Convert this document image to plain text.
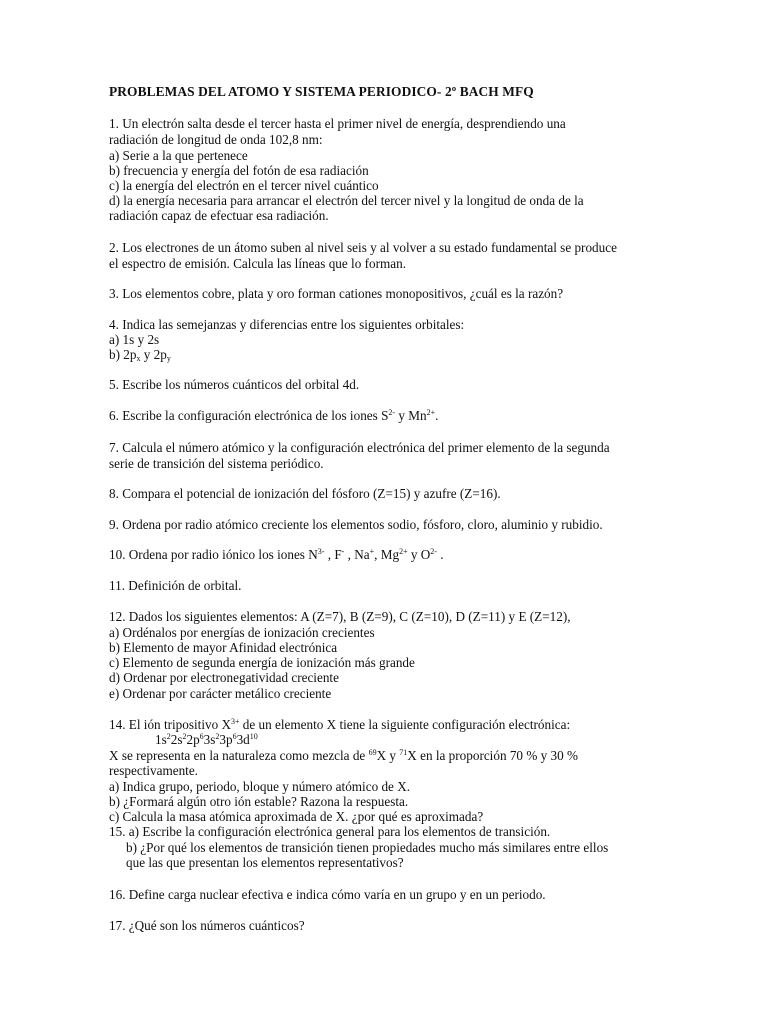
PROBLEMAS DEL ATOMO Y SISTEMA PERIODICO- 2º BACH MFQ
1. Un electrón salta desde el tercer hasta el primer nivel de energía, desprendiendo una
radiación de longitud de onda 102,8 nm:
a) Serie a la que pertenece
b) frecuencia y energía del fotón de esa radiación
c) la energía del electrón en el tercer nivel cuántico
d) la energía necesaria para arrancar el electrón del tercer nivel y la longitud de onda de la
radiación capaz de efectuar esa radiación.
2. Los electrones de un átomo suben al nivel seis y al volver a su estado fundamental se produce
el espectro de emisión. Calcula las líneas que lo forman.
3. Los elementos cobre, plata y oro forman cationes monopositivos, ¿cuál es la razón?
4. Indica las semejanzas y diferencias entre los siguientes orbitales:
a) 1s y 2s
b) $2p_x$ y $2p_y$
5. Escribe los números cuánticos del orbital 4d.
6. Escribe la configuración electrónica de los iones $S^{2-}$ y $Mn^{2+}$.
7. Calcula el número atómico y la configuración electrónica del primer elemento de la segunda
serie de transición del sistema periódico.
8. Compara el potencial de ionización del fósforo (Z=15) y azufre (Z=16).
9. Ordena por radio atómico creciente los elementos sodio, fósforo, cloro, aluminio y rubidio.
10. Ordena por radio iónico los iones $N^{3-}$ , F- , Na+, $Mg^{2+}$ y $O^{2-}$ .
11. Definición de orbital.
12. Dados los siguientes elementos: A (Z=7), B (Z=9), C (Z=10), D (Z=11) y E (Z=12),
a) Ordénalos por energías de ionización crecientes
b) Elemento de mayor Afinidad electrónica
c) Elemento de segunda energía de ionización más grande
d) Ordenar por electronegatividad creciente
e) Ordenar por carácter metálico creciente
14. El ión tripositivo $X^{3+}$ de un elemento X tiene la siguiente configuración electrónica:
$1s^22s^22p^63s^23p^63d^{10}$
X se representa en la naturaleza como mezcla de $^{69}$X y $^{71}$X en la proporción 70 % y 30 %
respectivamente.
a) Indica grupo, periodo, bloque y número atómico de X.
b) ¿Formará algún otro ión estable? Razona la respuesta.
c) Calcula la masa atómica aproximada de X. ¿por qué es aproximada?
15. a) Escribe la configuración electrónica general para los elementos de transición.
b) ¿Por qué los elementos de transición tienen propiedades mucho más similares entre ellos
que las que presentan los elementos representativos?
16. Define carga nuclear efectiva e indica cómo varía en un grupo y en un periodo.
17. ¿Qué son los números cuánticos?
